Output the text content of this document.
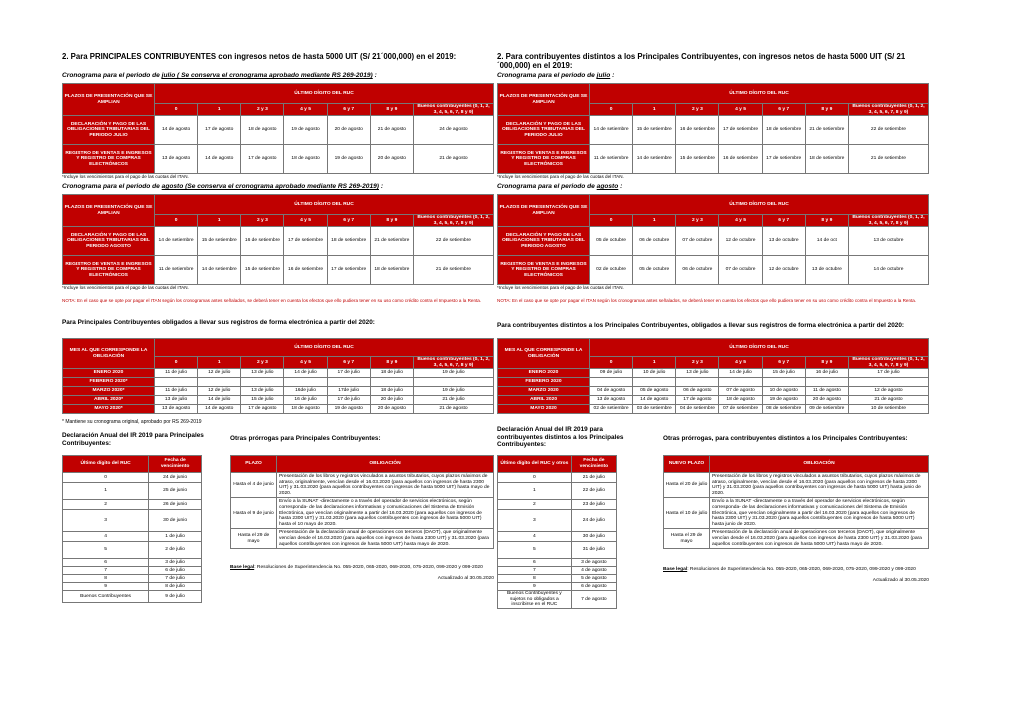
2. Para PRINCIPALES CONTRIBUYENTES con ingresos netos de hasta 5000 UIT (S/ 21´000,000) en el 2019:
Cronograma para el periodo de julio ( Se conserva el cronograma aprobado mediante RS 269-2019) :
PLAZOS DE PRESENTACIÓN QUE SE AMPLIAN	ÚLTIMO DÍGITO DEL RUC						
	0	1	2 y 3	4 y 5	6 y 7	8 y 9	Buenos contribuyentes (0, 1, 2, 3, 4, 5, 6, 7, 8 y 9)
DECLARACIÓN Y PAGO DE LAS OBLIGACIONES TRIBUTARIAS DEL PERIODO JULIO	14 de agosto	17 de agosto	18 de agosto	19 de agosto	20 de agosto	21 de agosto	24 de agosto
REGISTRO DE VENTAS E INGRESOS Y REGISTRO DE COMPRAS ELECTRÓNICOS	13 de agosto	14 de agosto	17 de agosto	18 de agosto	19 de agosto	20 de agosto	21 de agosto
*Incluye los vencimientos para el pago de las cuotas del ITAN.
Cronograma para el periodo de agosto (Se conserva el cronograma aprobado mediante RS 269-2019) :
PLAZOS DE PRESENTACIÓN QUE SE AMPLIAN	ÚLTIMO DÍGITO DEL RUC						
	0	1	2 y 3	4 y 5	6 y 7	8 y 9	Buenos contribuyentes (0, 1, 2, 3, 4, 5, 6, 7, 8 y 9)
DECLARACIÓN Y PAGO DE LAS OBLIGACIONES TRIBUTARIAS DEL PERIODO AGOSTO	14 de setiembre	15 de setiembre	16 de setiembre	17 de setiembre	18 de setiembre	21 de setiembre	22 de setiembre
REGISTRO DE VENTAS E INGRESOS Y REGISTRO DE COMPRAS ELECTRÓNICOS	11 de setiembre	14 de setiembre	15 de setiembre	16 de setiembre	17 de setiembre	18 de setiembre	21 de setiembre
*Incluye los vencimientos para el pago de las cuotas del ITAN.
NOTA: En el caso que se opte por pagar el ITAN según los cronogramas antes señalados, se deberá tener en cuenta los efectos que ello pudiera tener en su uso como crédito contra el Impuesto a la Renta.
Para Principales Contribuyentes obligados a llevar sus registros de forma electrónica a partir del 2020:
MES AL QUE CORRESPONDE LA OBLIGACIÓN	ÚLTIMO DÍGITO DEL RUC						
	0	1	2 y 3	4 y 5	6 y 7	8 y 9	Buenos contribuyentes (0, 1, 2, 3, 4, 5, 6, 7, 8 y 9)
ENERO 2020	11 de julio	12 de julio	13 de julio	14 de julio	17 de julio	18 de julio	19 de julio
FEBRERO 2020*							
MARZO 2020*	11 de julio	12 de julio	13 de julio	16de julio	17de julio	18 de julio	19 de julio
ABRIL 2020*	13 de julio	14 de julio	15 de julio	16 de julio	17 de julio	20 de julio	21 de julio
MAYO 2020*	13 de agosto	14 de agosto	17 de agosto	18 de agosto	19 de agosto	20 de agosto	21 de agosto
* Mantiene su cronograma original, aprobado por RS 269-2019
Declaración Anual del IR 2019 para Principales Contribuyentes:
Último dígito del RUC	Fecha de vencimiento
0	24 de junio
1	25 de junio
2	26 de junio
3	30 de junio
4	1 de julio
5	2 de julio
6	3 de julio
7	6 de julio
8	7 de julio
9	8 de julio
Buenos Contribuyentes	9 de julio
Otras prórrogas para Principales Contribuyentes:
PLAZO	OBLIGACIÓN
Hasta el 4 de junio	Presentación de los libros y registros vinculados a asuntos tributarios, cuyos plazos máximos de atraso, originalmente, vencían desde el 16.03.2020 (para aquellos con ingresos de hasta 2300 UIT) y 31.03.2020 (para aquellos contribuyentes con ingresos de hasta 5000 UIT) hasta mayo de 2020.
Hasta el 9 de junio	Envío a la SUNAT -directamente o a través del operador de servicios electrónicos, según corresponda- de las declaraciones informativas y comunicaciones del Sistema de Emisión Electrónica, que vencían originalmente a partir del 16.03.2020 (para aquellos con ingresos de hasta 2300 UIT) y 31.03.2020 (para aquellos contribuyentes con ingresos de hasta 5000 UIT) hasta el 10 mayo de 2020.
Hasta el 29 de mayo	Presentación de la declaración anual de operaciones con terceros (DAOT), que originalmente vencían desde el 16.03.2020 (para aquellos con ingresos de hasta 2300 UIT) y 31.03.2020 (para aquellos contribuyentes con ingresos de hasta 5000 UIT) hasta mayo de 2020.
Base legal: Resoluciones de Superintendencia No. 055-2020, 065-2020, 069-2020, 075-2020, 099-2020 y 099-2020
Actualizado al 30.05.2020
2. Para contribuyentes distintos a los Principales Contribuyentes, con ingresos netos de hasta 5000 UIT (S/ 21´000,000) en el 2019:
Cronograma para el periodo de julio :
PLAZOS DE PRESENTACIÓN QUE SE AMPLIAN	ÚLTIMO DÍGITO DEL RUC						
	0	1	2 y 3	4 y 5	6 y 7	8 y 9	Buenos contribuyentes (0, 1, 2, 3, 4, 5, 6, 7, 8 y 9)
DECLARACIÓN Y PAGO DE LAS OBLIGACIONES TRIBUTARIAS DEL PERIODO JULIO	14 de setiembre	15 de setiembre	16 de setiembre	17 de setiembre	18 de setiembre	21 de setiembre	22 de setiembre
REGISTRO DE VENTAS E INGRESOS Y REGISTRO DE COMPRAS ELECTRÓNICOS	11 de setiembre	14 de setiembre	15 de setiembre	16 de setiembre	17 de setiembre	18 de setiembre	21 de setiembre
*Incluye los vencimientos para el pago de las cuotas del ITAN.
Cronograma para el periodo de agosto :
PLAZOS DE PRESENTACIÓN QUE SE AMPLIAN	ÚLTIMO DÍGITO DEL RUC						
	0	1	2 y 3	4 y 5	6 y 7	8 y 9	Buenos contribuyentes (0, 1, 2, 3, 4, 5, 6, 7, 8 y 9)
DECLARACIÓN Y PAGO DE LAS OBLIGACIONES TRIBUTARIAS DEL PERIODO AGOSTO	05 de octubre	06 de octubre	07 de octubre	12 de octubre	13 de octubre	14 de oct	13 de octubre
REGISTRO DE VENTAS E INGRESOS Y REGISTRO DE COMPRAS ELECTRÓNICOS	02 de octubre	05 de octubre	06 de octubre	07 de octubre	12 de octubre	13 de octubre	14 de octubre
*Incluye los vencimientos para el pago de las cuotas del ITAN.
NOTA: En el caso que se opte por pagar el ITAN según los cronogramas antes señalados, se deberá tener en cuenta los efectos que ello pudiera tener en su uso como crédito contra el Impuesto a la Renta.
Para contribuyentes distintos a los Principales Contribuyentes, obligados a llevar sus registros de forma electrónica a partir del 2020:
MES AL QUE CORRESPONDE LA OBLIGACIÓN	ÚLTIMO DÍGITO DEL RUC						
	0	1	2 y 3	4 y 5	6 y 7	8 y 9	Buenos contribuyentes (0, 1, 2, 3, 4, 5, 6, 7, 8 y 9)
ENERO 2020	09 de julio	10 de julio	13 de julio	14 de julio	15 de julio	16 de julio	17 de julio
FEBRERO 2020							
MARZO 2020	04 de agosto	05 de agosto	06 de agosto	07 de agosto	10 de agosto	11 de agosto	12 de agosto
ABRIL 2020	13 de agosto	14 de agosto	17 de agosto	18 de agosto	19 de agosto	20 de agosto	21 de agosto
MAYO 2020	02 de setiembre	03 de setiembre	04 de setiembre	07 de setiembre	08 de setiembre	09 de setiembre	10 de setiembre
Declaración Anual del IR 2019 para contribuyentes distintos a los Principales Contribuyentes:
Último dígito del RUC y otros	Fecha de vencimiento
0	21 de julio
1	22 de julio
2	23 de julio
3	24 de julio
4	30 de julio
5	31 de julio
6	3 de agosto
7	4 de agosto
8	5 de agosto
9	6 de agosto
Buenos Contribuyentes y sujetos no obligados a inscribirse en el RUC	7 de agosto
Otras prórrogas, para contribuyentes distintos a los Principales Contribuyentes:
NUEVO PLAZO	OBLIGACIÓN
Hasta el 20 de julio	Presentación de los libros y registros vinculados a asuntos tributarios, cuyos plazos máximos de atraso, originalmente, vencían desde el 16.03.2020 (para aquellos con ingresos de hasta 2300 UIT) y 31.03.2020 (para aquellos contribuyentes con ingresos de hasta 5000 UIT) hasta junio de 2020.
Hasta el 10 de julio	Envío a la SUNAT -directamente o a través del operador de servicios electrónicos, según corresponda- de las declaraciones informativas y comunicaciones del Sistema de Emisión Electrónica, que vencían originalmente a partir del 16.03.2020 (para aquellos con ingresos de hasta 2300 UIT) y 31.03.2020 (para aquellos contribuyentes con ingresos de hasta 5000 UIT) hasta junio de 2020.
Hasta el 29 de mayo	Presentación de la declaración anual de operaciones con terceros (DAOT), que originalmente vencían desde el 16.03.2020 (para aquellos con ingresos de hasta 2300 UIT) y 31.03.2020 (para aquellos contribuyentes con ingresos de hasta 5000 UIT) hasta mayo de 2020.
Base legal: Resoluciones de Superintendencia No. 055-2020, 065-2020, 069-2020, 075-2020, 099-2020 y 099-2020
Actualizado al 30.05.2020
